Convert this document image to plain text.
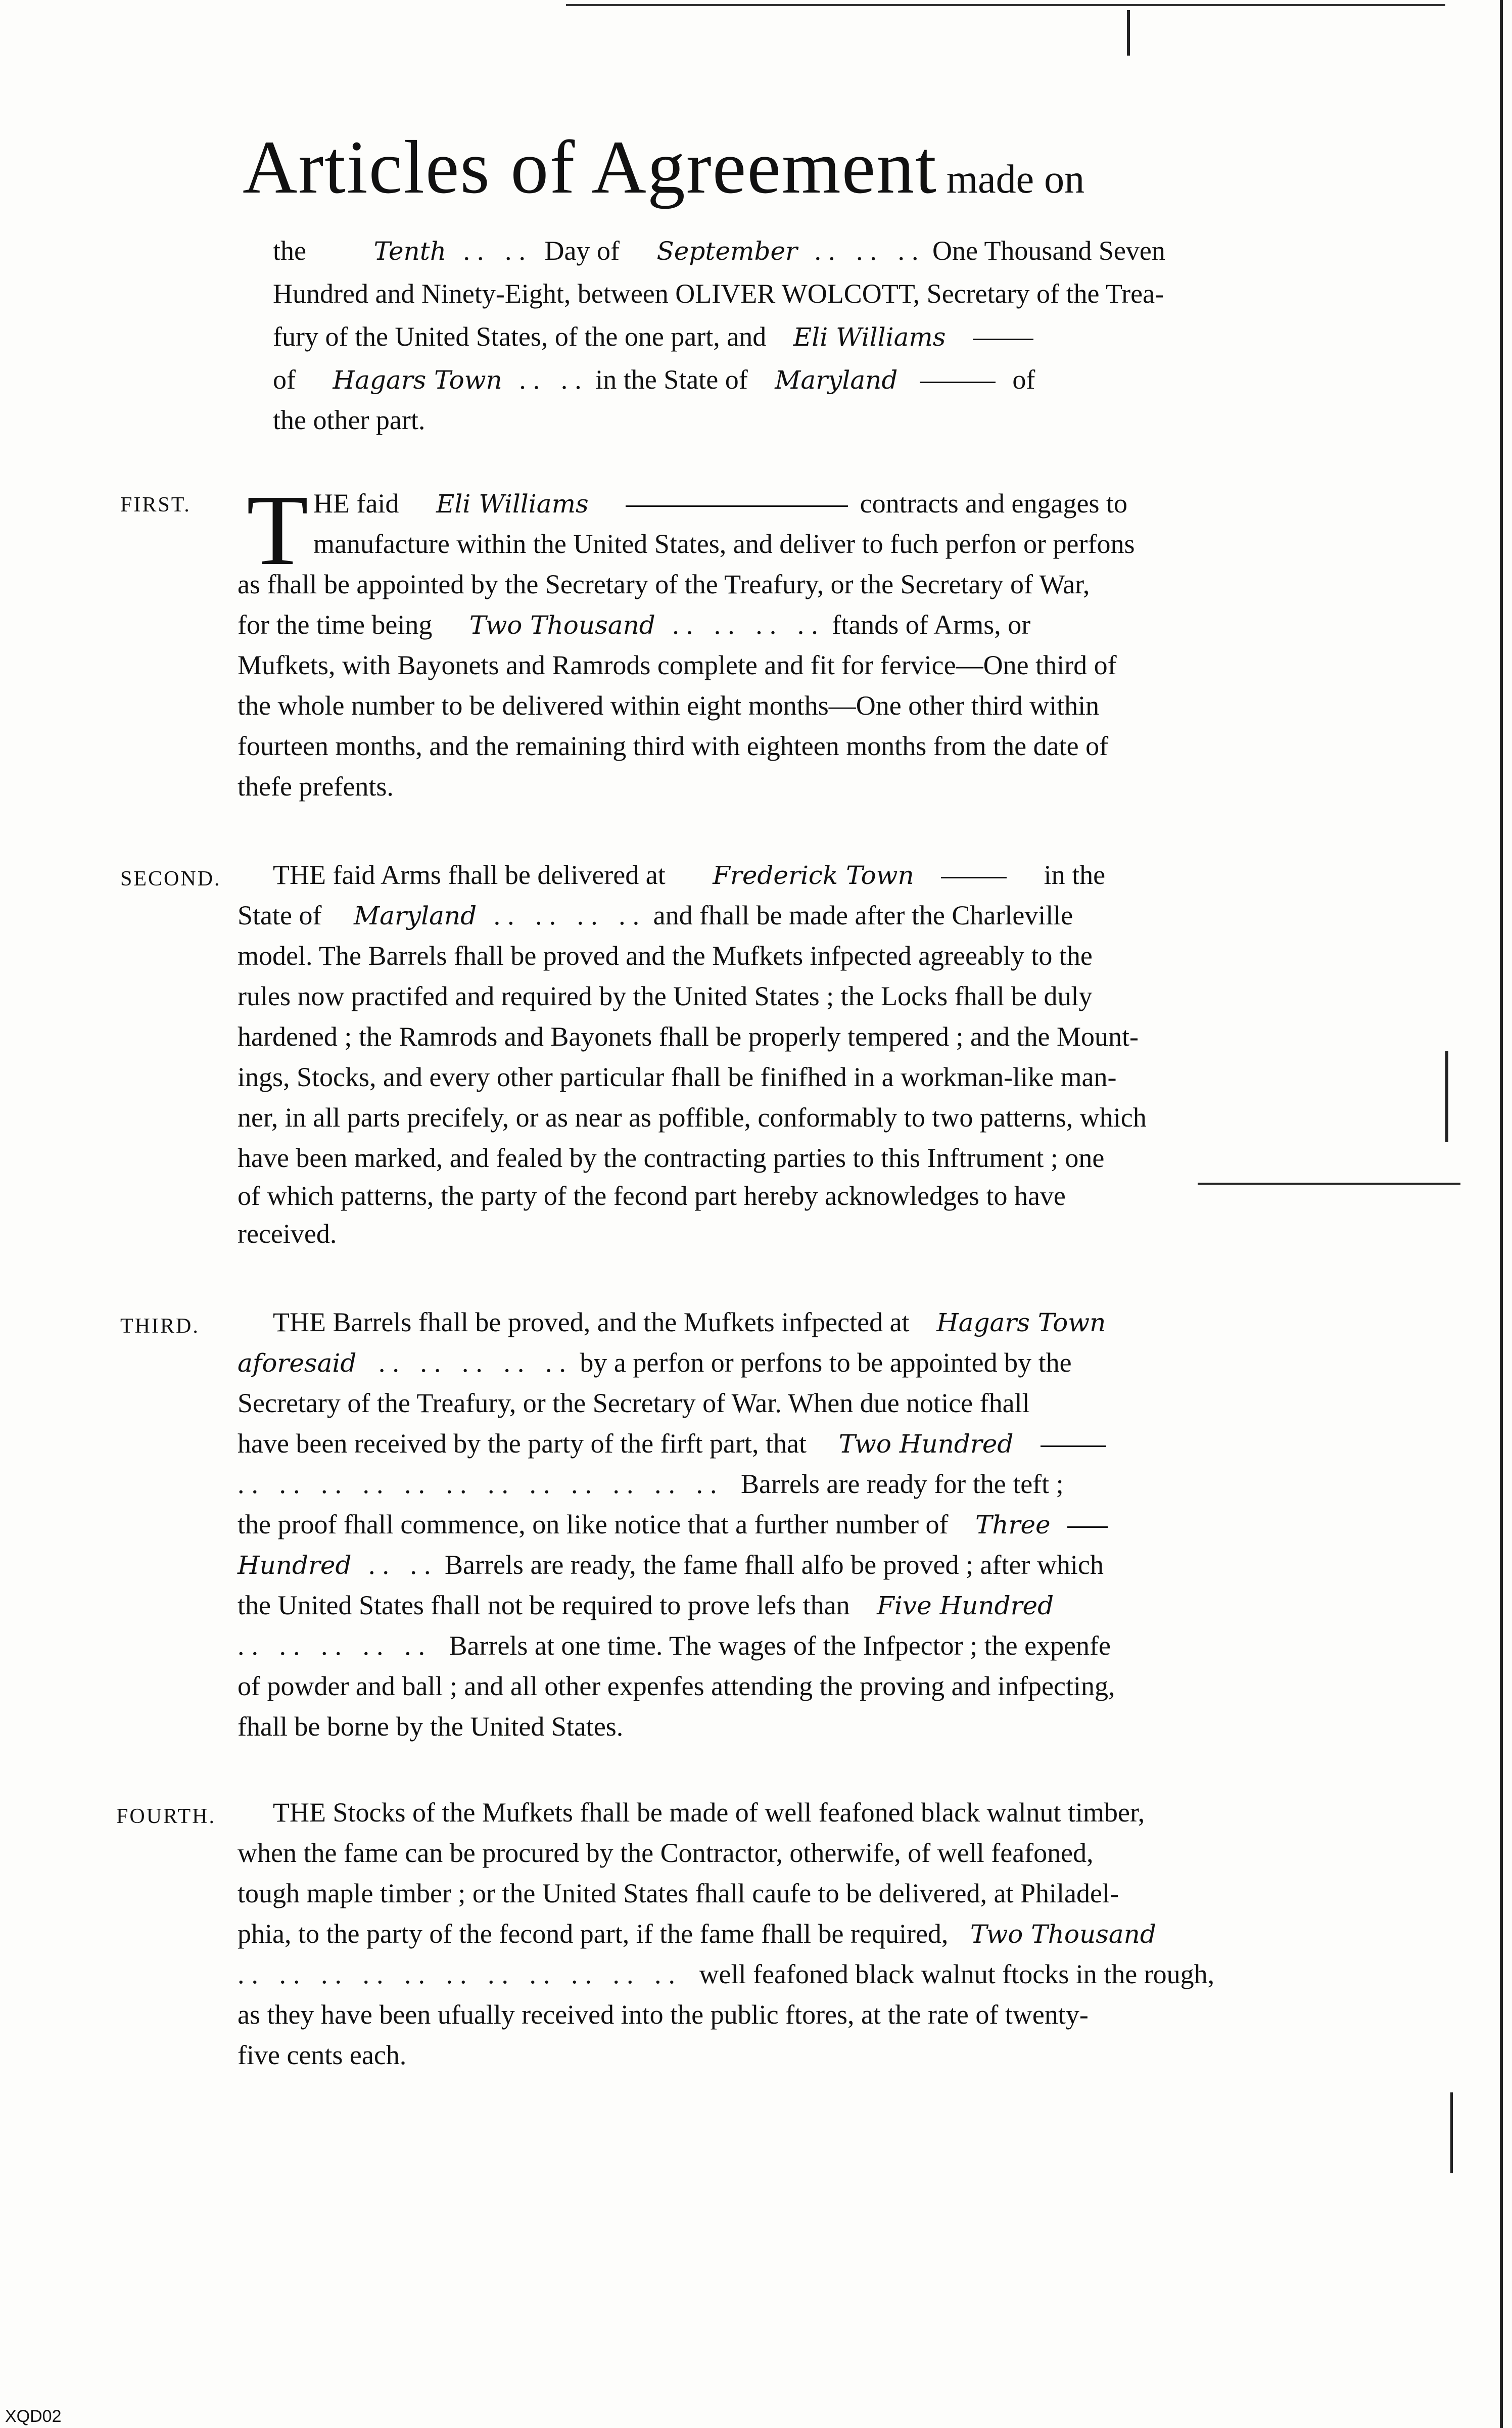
Articles of Agreement made on
the	Tenth .. .. Day of September .. .. .. One Thousand Seven
Hundred and Ninety-Eight, between OLIVER WOLCOTT, Secretary of the Trea-
fury of the United States, of the one part, and Eli Williams
of Hagars Town .. .. in the State of Maryland	of
the other part.
FIRST. T HE faid Eli Williams	contracts and engages to
manufacture within the United States, and deliver to fuch perfon or perfons
as fhall be appointed by the Secretary of the Treafury, or the Secretary of War,
for the time being Two Thousand .. .. .. .. ftands of Arms, or
Mufkets, with Bayonets and Ramrods complete and fit for fervice—One third of
the whole number to be delivered within eight months—One other third within
fourteen months, and the remaining third with eighteen months from the date of
thefe prefents.
SECOND. THE faid Arms fhall be delivered at Frederick Town	in the
State of Maryland .. .. .. .. and fhall be made after the Charleville
model. The Barrels fhall be proved and the Mufkets infpected agreeably to the
rules now practifed and required by the United States ; the Locks fhall be duly
hardened ; the Ramrods and Bayonets fhall be properly tempered ; and the Mount-
ings, Stocks, and every other particular fhall be finifhed in a workman-like man-
ner, in all parts precifely, or as near as poffible, conformably to two patterns, which
have been marked, and fealed by the contracting parties to this Inftrument ; one
of which patterns, the party of the fecond part hereby acknowledges to have
received.
THIRD.	THE Barrels fhall be proved, and the Mufkets infpected at Hagars Town
aforesaid .. .. .. .. .. by a perfon or perfons to be appointed by the
Secretary of the Treafury, or the Secretary of War. When due notice fhall
have been received by the party of the firft part, that Two Hundred
.. .. .. .. .. .. .. .. .. .. .. .. Barrels are ready for the teft ;
the proof fhall commence, on like notice that a further number of Three
Hundred .. .. Barrels are ready, the fame fhall alfo be proved ; after which
the United States fhall not be required to prove lefs than Five Hundred
.. .. .. .. .. Barrels at one time. The wages of the Infpector ; the expenfe
of powder and ball ; and all other expenfes attending the proving and infpecting,
fhall be borne by the United States.
FOURTH. THE Stocks of the Mufkets fhall be made of well feafoned black walnut timber,
when the fame can be procured by the Contractor, otherwife, of well feafoned,
tough maple timber ; or the United States fhall caufe to be delivered, at Philadel-
phia, to the party of the fecond part, if the fame fhall be required, Two Thousand
.. .. .. .. .. .. .. .. .. .. .. well feafoned black walnut ftocks in the rough,
as they have been ufually received into the public ftores, at the rate of twenty-
five cents each.
XQD02
